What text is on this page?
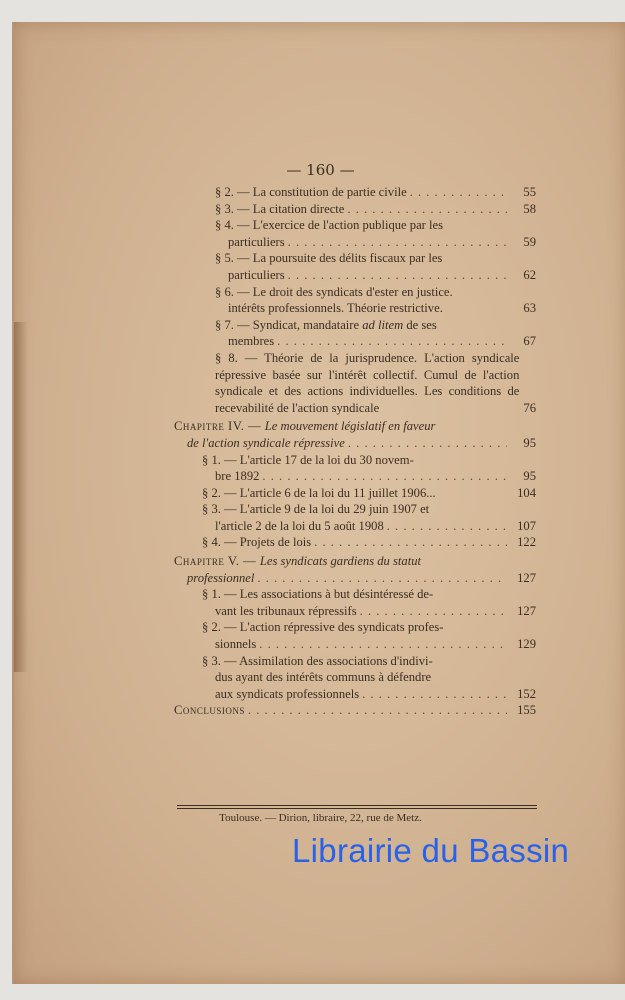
— 160 —
§ 2. — La constitution de partie civile . . .	55
§ 3. — La citation directe . . .	58
§ 4. — L'exercice de l'action publique par les
particuliers . . .	59
§ 5. — La poursuite des délits fiscaux par les
particuliers . . .	62
§ 6. — Le droit des syndicats d'ester en justice.
intérêts professionnels. Théorie restrictive.	63
§ 7. — Syndicat, mandataire ad litem de ses
membres . . .	67
§ 8. — Théorie de la jurisprudence. L'action syndicale répressive basée sur l'intérêt collectif. Cumul de l'action syndicale et des actions individuelles. Les conditions de recevabilité de l'action syndicale	76
Chapitre IV. — Le mouvement législatif en faveur
de l'action syndicale répressive . . .	95
§ 1. — L'article 17 de la loi du 30 novem-
bre 1892 . . .	95
§ 2. — L'article 6 de la loi du 11 juillet 1906...	104
§ 3. — L'article 9 de la loi du 29 juin 1907 et
l'article 2 de la loi du 5 août 1908 . . .	107
§ 4. — Projets de lois . . .	122
Chapitre V. — Les syndicats gardiens du statut
professionnel . . .	127
§ 1. — Les associations à but désintéressé de-
vant les tribunaux répressifs . . .	127
§ 2. — L'action répressive des syndicats profes-
sionnels . . .	129
§ 3. — Assimilation des associations d'indivi-
dus ayant des intérêts communs à défendre
aux syndicats professionnels . . .	152
Conclusions . . .	155
Toulouse. — Dirion, libraire, 22, rue de Metz.
Librairie du Bassin
